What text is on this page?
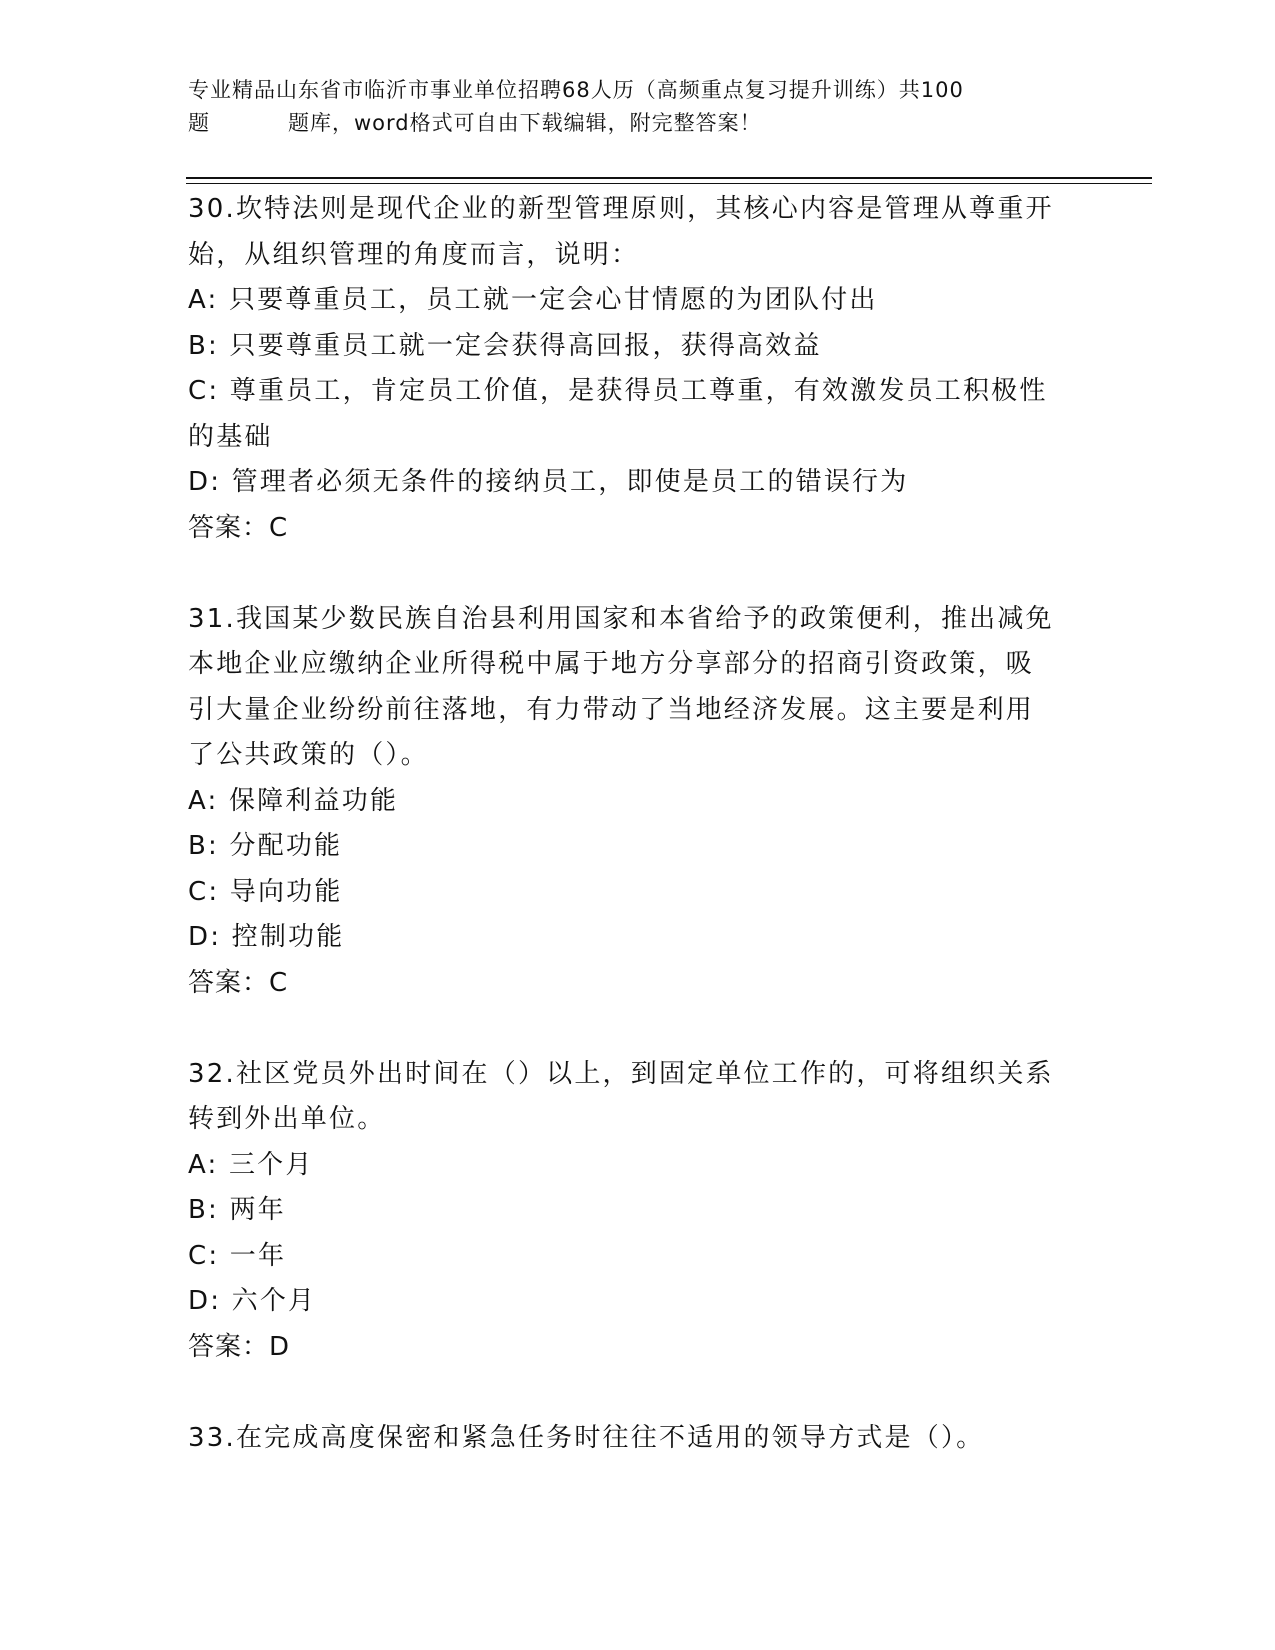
专业精品山东省市临沂市事业单位招聘68人历（高频重点复习提升训练）共100
题	题库，word格式可自由下载编辑，附完整答案！
30.坎特法则是现代企业的新型管理原则，其核心内容是管理从尊重开
始，从组织管理的角度而言，说明：
A: 只要尊重员工，员工就一定会心甘情愿的为团队付出
B: 只要尊重员工就一定会获得高回报，获得高效益
C: 尊重员工，肯定员工价值，是获得员工尊重，有效激发员工积极性
的基础
D: 管理者必须无条件的接纳员工，即使是员工的错误行为
答案：C
31.我国某少数民族自治县利用国家和本省给予的政策便利，推出减免
本地企业应缴纳企业所得税中属于地方分享部分的招商引资政策，吸
引大量企业纷纷前往落地，有力带动了当地经济发展。这主要是利用
了公共政策的（）。
A: 保障利益功能
B: 分配功能
C: 导向功能
D: 控制功能
答案：C
32.社区党员外出时间在（）以上，到固定单位工作的，可将组织关系
转到外出单位。
A: 三个月
B: 两年
C: 一年
D: 六个月
答案：D
33.在完成高度保密和紧急任务时往往不适用的领导方式是（）。
